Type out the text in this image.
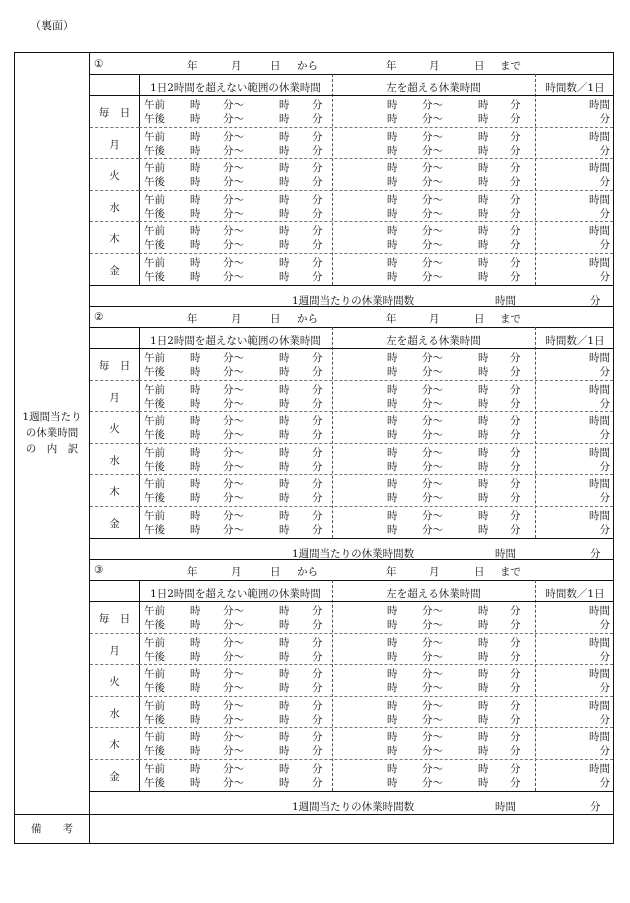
（裏面）
1週間当たり
の休業時間
の　内　訳
①	年	月	日 から	年	月	日 まで
1日2時間を超えない範囲の休業時間	左を超える休業時間	時間数／1日
毎　日
午前 時 分～	時 分	時 分～	時 分	時間
午後 時 分～	時 分	時 分～	時 分	分
月
午前 時 分～	時 分	時 分～	時 分	時間
午後 時 分～	時 分	時 分～	時 分	分
火
午前 時 分～	時 分	時 分～	時 分	時間
午後 時 分～	時 分	時 分～	時 分	分
水
午前 時 分～	時 分	時 分～	時 分	時間
午後 時 分～	時 分	時 分～	時 分	分
木
午前 時 分～	時 分	時 分～	時 分	時間
午後 時 分～	時 分	時 分～	時 分	分
金
午前 時 分～	時 分	時 分～	時 分	時間
午後 時 分～	時 分	時 分～	時 分	分
1週間当たりの休業時間数	時間	分
②	年	月	日 から	年	月	日 まで
1日2時間を超えない範囲の休業時間	左を超える休業時間	時間数／1日
毎　日
午前 時 分～	時 分	時 分～	時 分	時間
午後 時 分～	時 分	時 分～	時 分	分
月
午前 時 分～	時 分	時 分～	時 分	時間
午後 時 分～	時 分	時 分～	時 分	分
火
午前 時 分～	時 分	時 分～	時 分	時間
午後 時 分～	時 分	時 分～	時 分	分
水
午前 時 分～	時 分	時 分～	時 分	時間
午後 時 分～	時 分	時 分～	時 分	分
木
午前 時 分～	時 分	時 分～	時 分	時間
午後 時 分～	時 分	時 分～	時 分	分
金
午前 時 分～	時 分	時 分～	時 分	時間
午後 時 分～	時 分	時 分～	時 分	分
1週間当たりの休業時間数	時間	分
③	年	月	日 から	年	月	日 まで
1日2時間を超えない範囲の休業時間	左を超える休業時間	時間数／1日
毎　日
午前 時 分～	時 分	時 分～	時 分	時間
午後 時 分～	時 分	時 分～	時 分	分
月
午前 時 分～	時 分	時 分～	時 分	時間
午後 時 分～	時 分	時 分～	時 分	分
火
午前 時 分～	時 分	時 分～	時 分	時間
午後 時 分～	時 分	時 分～	時 分	分
水
午前 時 分～	時 分	時 分～	時 分	時間
午後 時 分～	時 分	時 分～	時 分	分
木
午前 時 分～	時 分	時 分～	時 分	時間
午後 時 分～	時 分	時 分～	時 分	分
金
午前 時 分～	時 分	時 分～	時 分	時間
午後 時 分～	時 分	時 分～	時 分	分
1週間当たりの休業時間数	時間	分
備　　考
